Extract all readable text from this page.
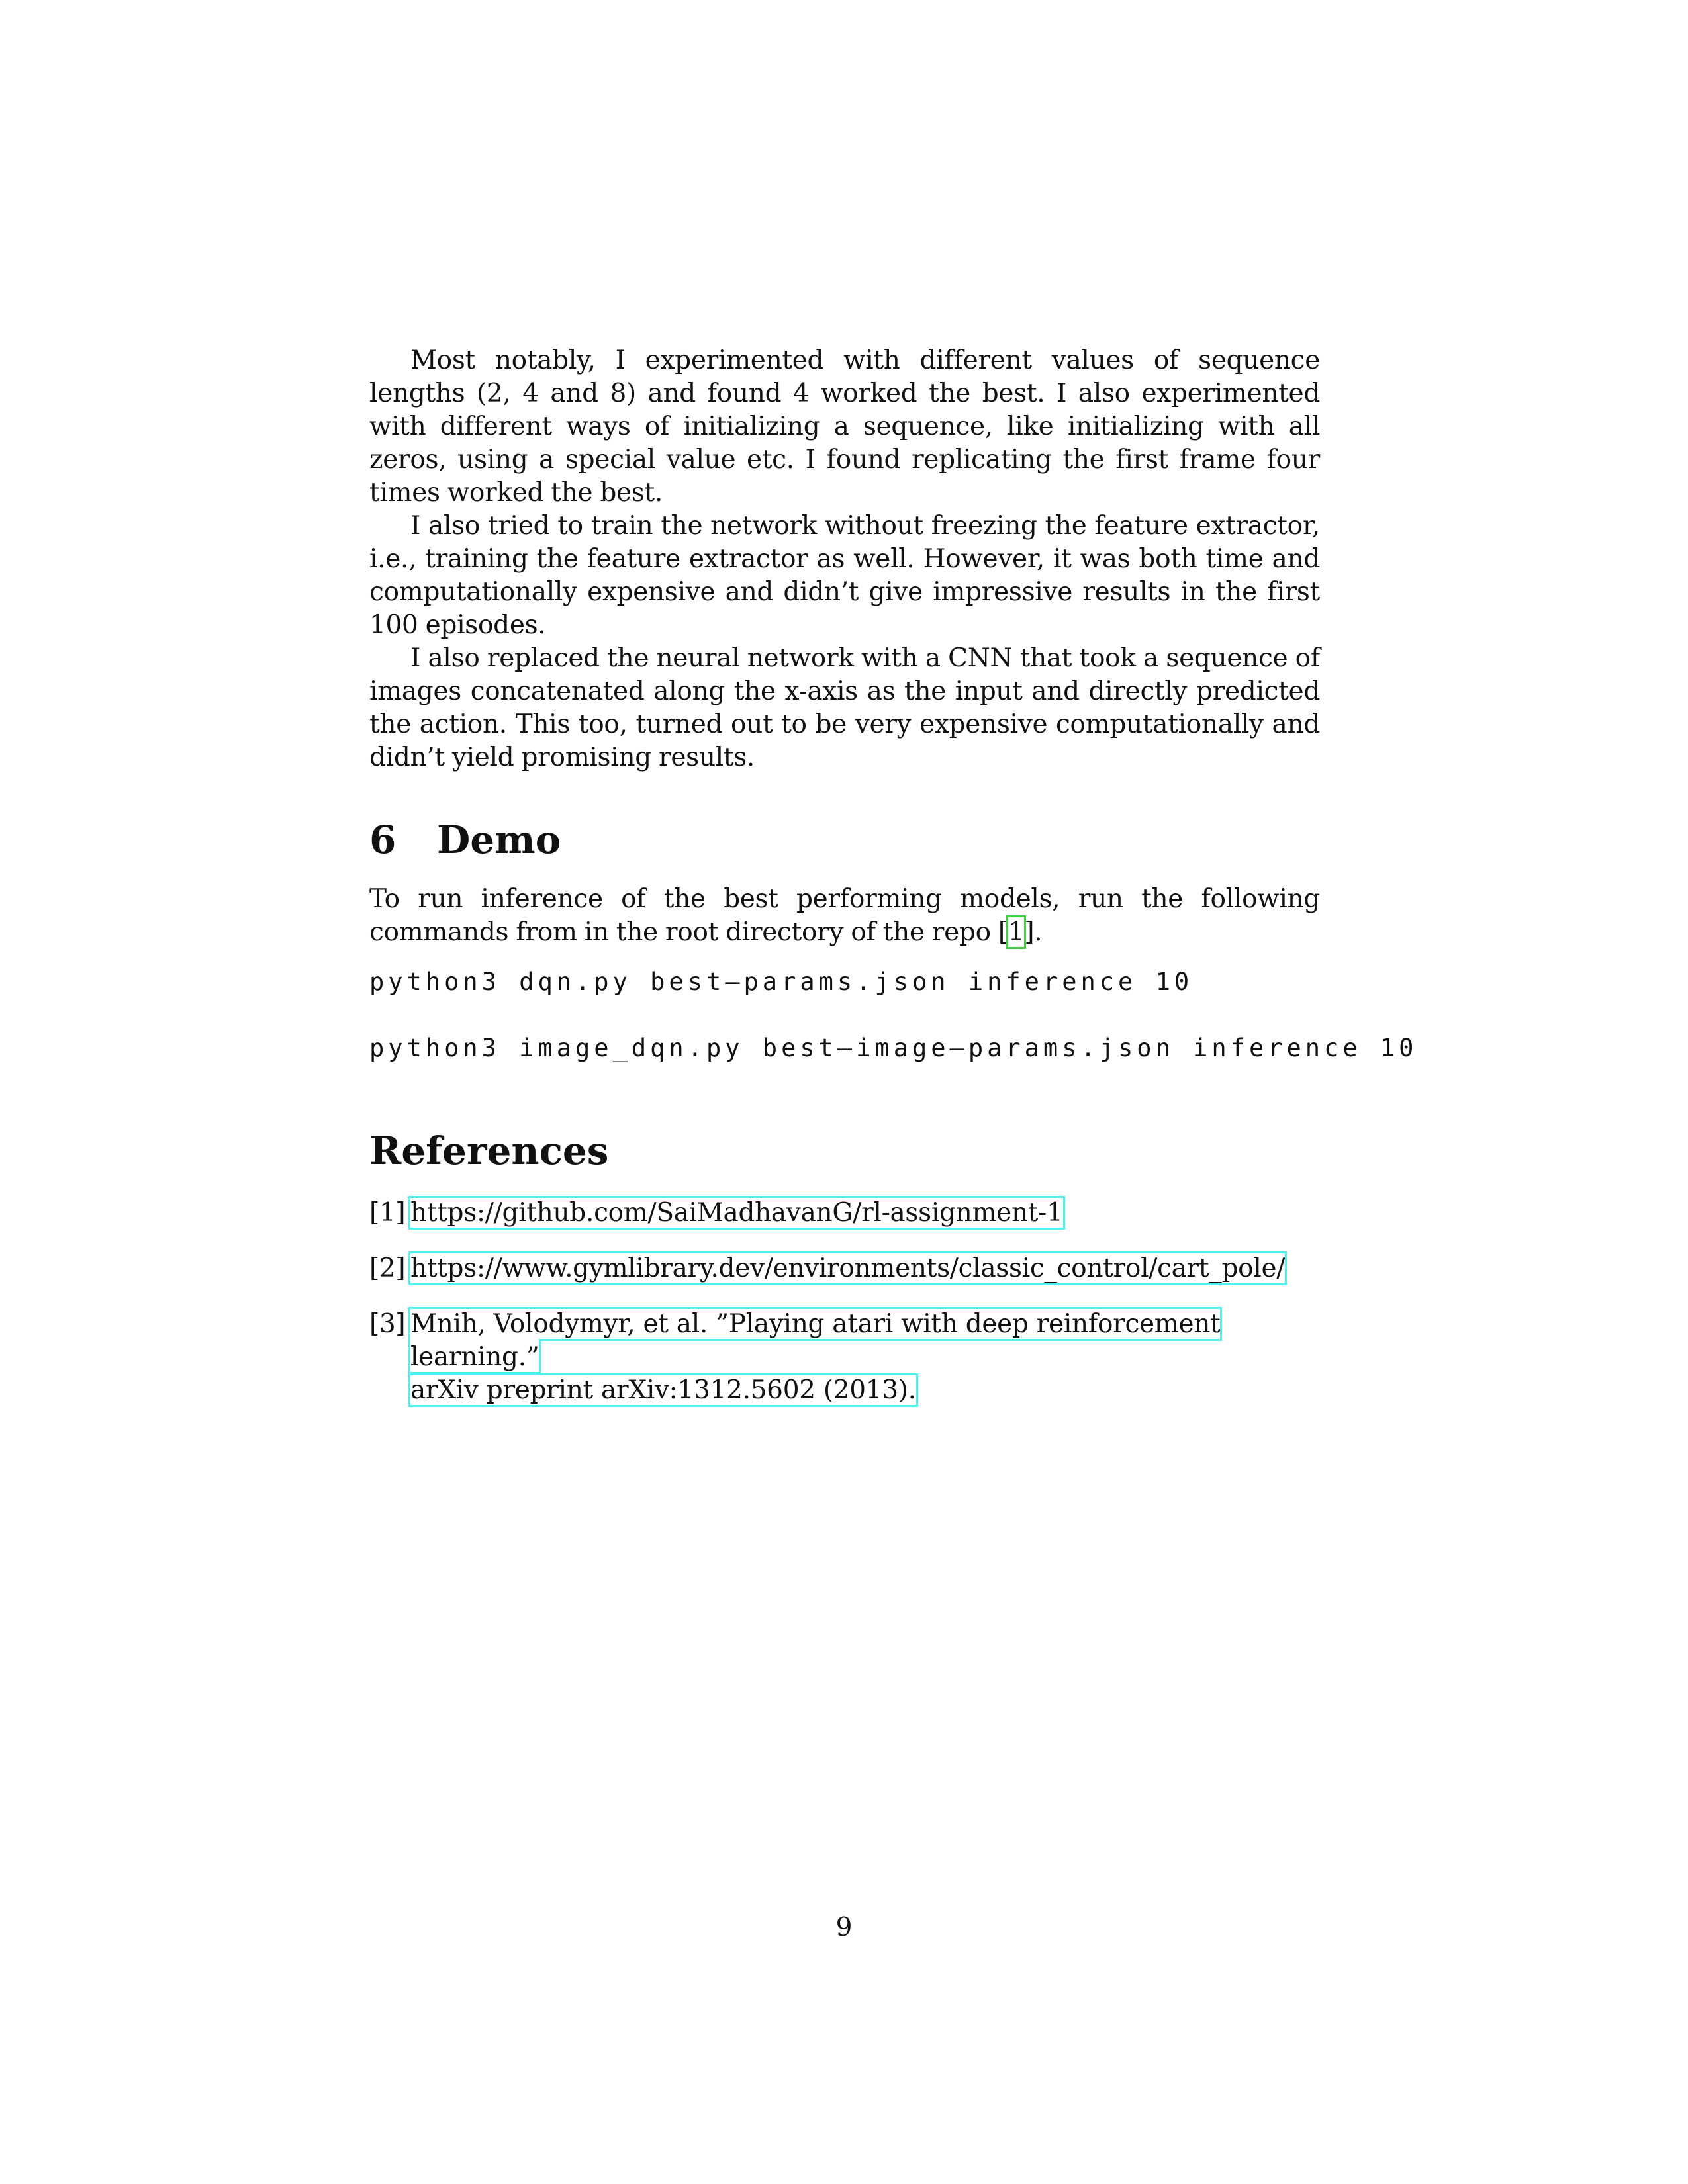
Most notably, I experimented with different values of sequence lengths (2, 4 and 8) and found 4 worked the best. I also experimented with different ways of initializing a sequence, like initializing with all zeros, using a special value etc. I found replicating the first frame four times worked the best.

I also tried to train the network without freezing the feature extractor, i.e., training the feature extractor as well. However, it was both time and computationally expensive and didn’t give impressive results in the first 100 episodes.

I also replaced the neural network with a CNN that took a sequence of images concatenated along the x-axis as the input and directly predicted the action. This too, turned out to be very expensive computationally and didn’t yield promising results.

6	Demo

To run inference of the best performing models, run the following commands from in the root directory of the repo [1].

python3 dqn.py best—params.json inference 10
python3 image_dqn.py best—image—params.json inference 10
References
[1] https://github.com/SaiMadhavanG/rl-assignment-1
[2] https://www.gymlibrary.dev/environments/classic_control/cart_pole/
[3] Mnih, Volodymyr, et al. ”Playing atari with deep reinforcement learning.”
arXiv preprint arXiv:1312.5602 (2013).
9
